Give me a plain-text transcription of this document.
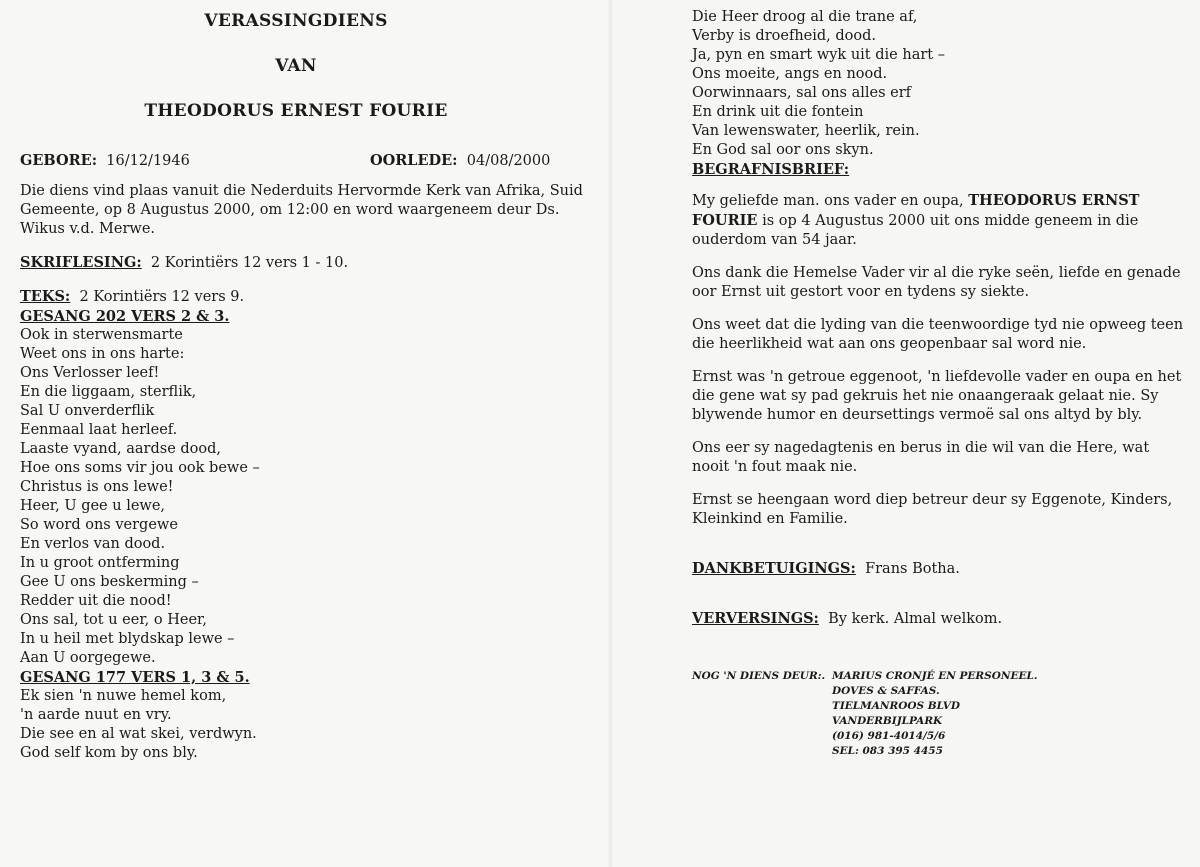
VERASSINGDIENS
VAN
THEODORUS ERNEST FOURIE
GEBORE: 16/12/1946	OORLEDE: 04/08/2000

Die diens vind plaas vanuit die Nederduits Hervormde Kerk van Afrika, Suid Gemeente, op 8 Augustus 2000, om 12:00 en word waargeneem deur Ds. Wikus v.d. Merwe.

SKRIFLESING: 2 Korintiërs 12 vers 1 - 10.

TEKS: 2 Korintiërs 12 vers 9.

GESANG 202 VERS 2 & 3.

Ook in sterwensmarte
Weet ons in ons harte:
Ons Verlosser leef!
En die liggaam, sterflik,
Sal U onverderflik
Eenmaal laat herleef.
Laaste vyand, aardse dood,
Hoe ons soms vir jou ook bewe –
Christus is ons lewe!
Heer, U gee u lewe,
So word ons vergewe
En verlos van dood.
In u groot ontferming
Gee U ons beskerming –
Redder uit die nood!
Ons sal, tot u eer, o Heer,
In u heil met blydskap lewe –
Aan U oorgegewe.

GESANG 177 VERS 1, 3 & 5.

Ek sien 'n nuwe hemel kom,
'n aarde nuut en vry.
Die see en al wat skei, verdwyn.
God self kom by ons bly.
Die Heer droog al die trane af,
Verby is droefheid, dood.
Ja, pyn en smart wyk uit die hart –
Ons moeite, angs en nood.
Oorwinnaars, sal ons alles erf
En drink uit die fontein
Van lewenswater, heerlik, rein.
En God sal oor ons skyn.

BEGRAFNISBRIEF:

My geliefde man. ons vader en oupa, THEODORUS ERNST FOURIE is op 4 Augustus 2000 uit ons midde geneem in die ouderdom van 54 jaar.

Ons dank die Hemelse Vader vir al die ryke seën, liefde en genade oor Ernst uit gestort voor en tydens sy siekte.

Ons weet dat die lyding van die teenwoordige tyd nie opweeg teen die heerlikheid wat aan ons geopenbaar sal word nie.

Ernst was 'n getroue eggenoot, 'n liefdevolle vader en oupa en het die gene wat sy pad gekruis het nie onaangeraak gelaat nie. Sy blywende humor en deursettings vermoë sal ons altyd by bly.

Ons eer sy nagedagtenis en berus in die wil van die Here, wat nooit 'n fout maak nie.

Ernst se heengaan word diep betreur deur sy Eggenote, Kinders, Kleinkind en Familie.

DANKBETUIGINGS: Frans Botha.

VERVERSINGS: By kerk. Almal welkom.

NOG 'N DIENS DEUR:. MARIUS CRONJÉ EN PERSONEEL.
DOVES & SAFFAS.
TIELMANROOS BLVD
VANDERBIJLPARK
(016) 981-4014/5/6
SEL: 083 395 4455
